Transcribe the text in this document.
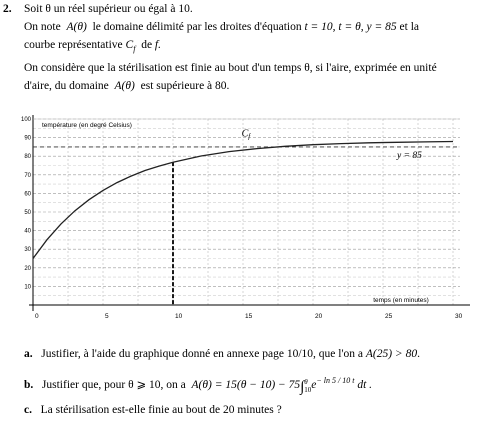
2. Soit θ un réel supérieur ou égal à 10.
On note A(θ) le domaine délimité par les droites d'équation t = 10, t = θ, y = 85 et la
courbe représentative $C_f$ de f.
On considère que la stérilisation est finie au bout d'un temps θ, si l'aire, exprimée en unité
d'aire, du domaine A(θ) est supérieure à 80.
0	5	10	15	20	25	30
10
20
30
40
50
60
70
80
90
100
température (en degré Celsius)
temps (en minutes)
$C_f$
y = 85
a. Justifier, à l'aide du graphique donné en annexe page 10/10, que l'on a A(25) > 80.
b. Justifier que, pour θ ⩾ 10, on a A(θ) = 15(θ − 10) − 75∫ θ
10 $e^{- ln 5 / 10 t}$ dt .
c. La stérilisation est-elle finie au bout de 20 minutes ?
